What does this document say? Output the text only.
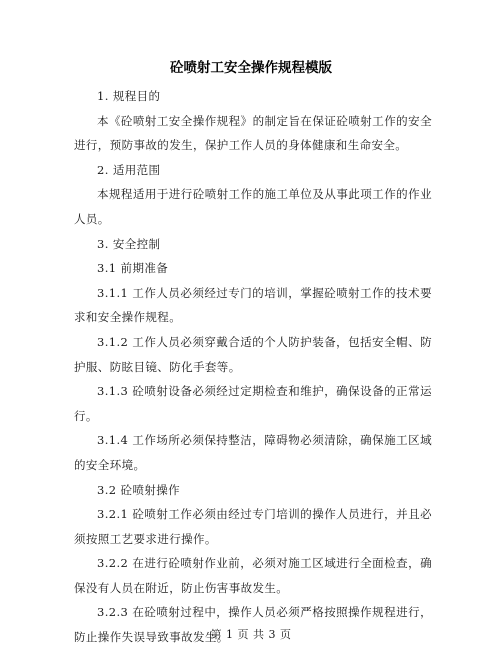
砼喷射工安全操作规程模版

1. 规程目的

本《砼喷射工安全操作规程》的制定旨在保证砼喷射工作的安全进行，预防事故的发生，保护工作人员的身体健康和生命安全。

2. 适用范围

本规程适用于进行砼喷射工作的施工单位及从事此项工作的作业人员。

3. 安全控制

3.1 前期准备

3.1.1 工作人员必须经过专门的培训，掌握砼喷射工作的技术要求和安全操作规程。

3.1.2 工作人员必须穿戴合适的个人防护装备，包括安全帽、防护服、防眩目镜、防化手套等。

3.1.3 砼喷射设备必须经过定期检查和维护，确保设备的正常运行。

3.1.4 工作场所必须保持整洁，障碍物必须清除，确保施工区域的安全环境。

3.2 砼喷射操作

3.2.1 砼喷射工作必须由经过专门培训的操作人员进行，并且必须按照工艺要求进行操作。

3.2.2 在进行砼喷射作业前，必须对施工区域进行全面检查，确保没有人员在附近，防止伤害事故发生。

3.2.3 在砼喷射过程中，操作人员必须严格按照操作规程进行，防止操作失误导致事故发生。

第 1 页 共 3 页
